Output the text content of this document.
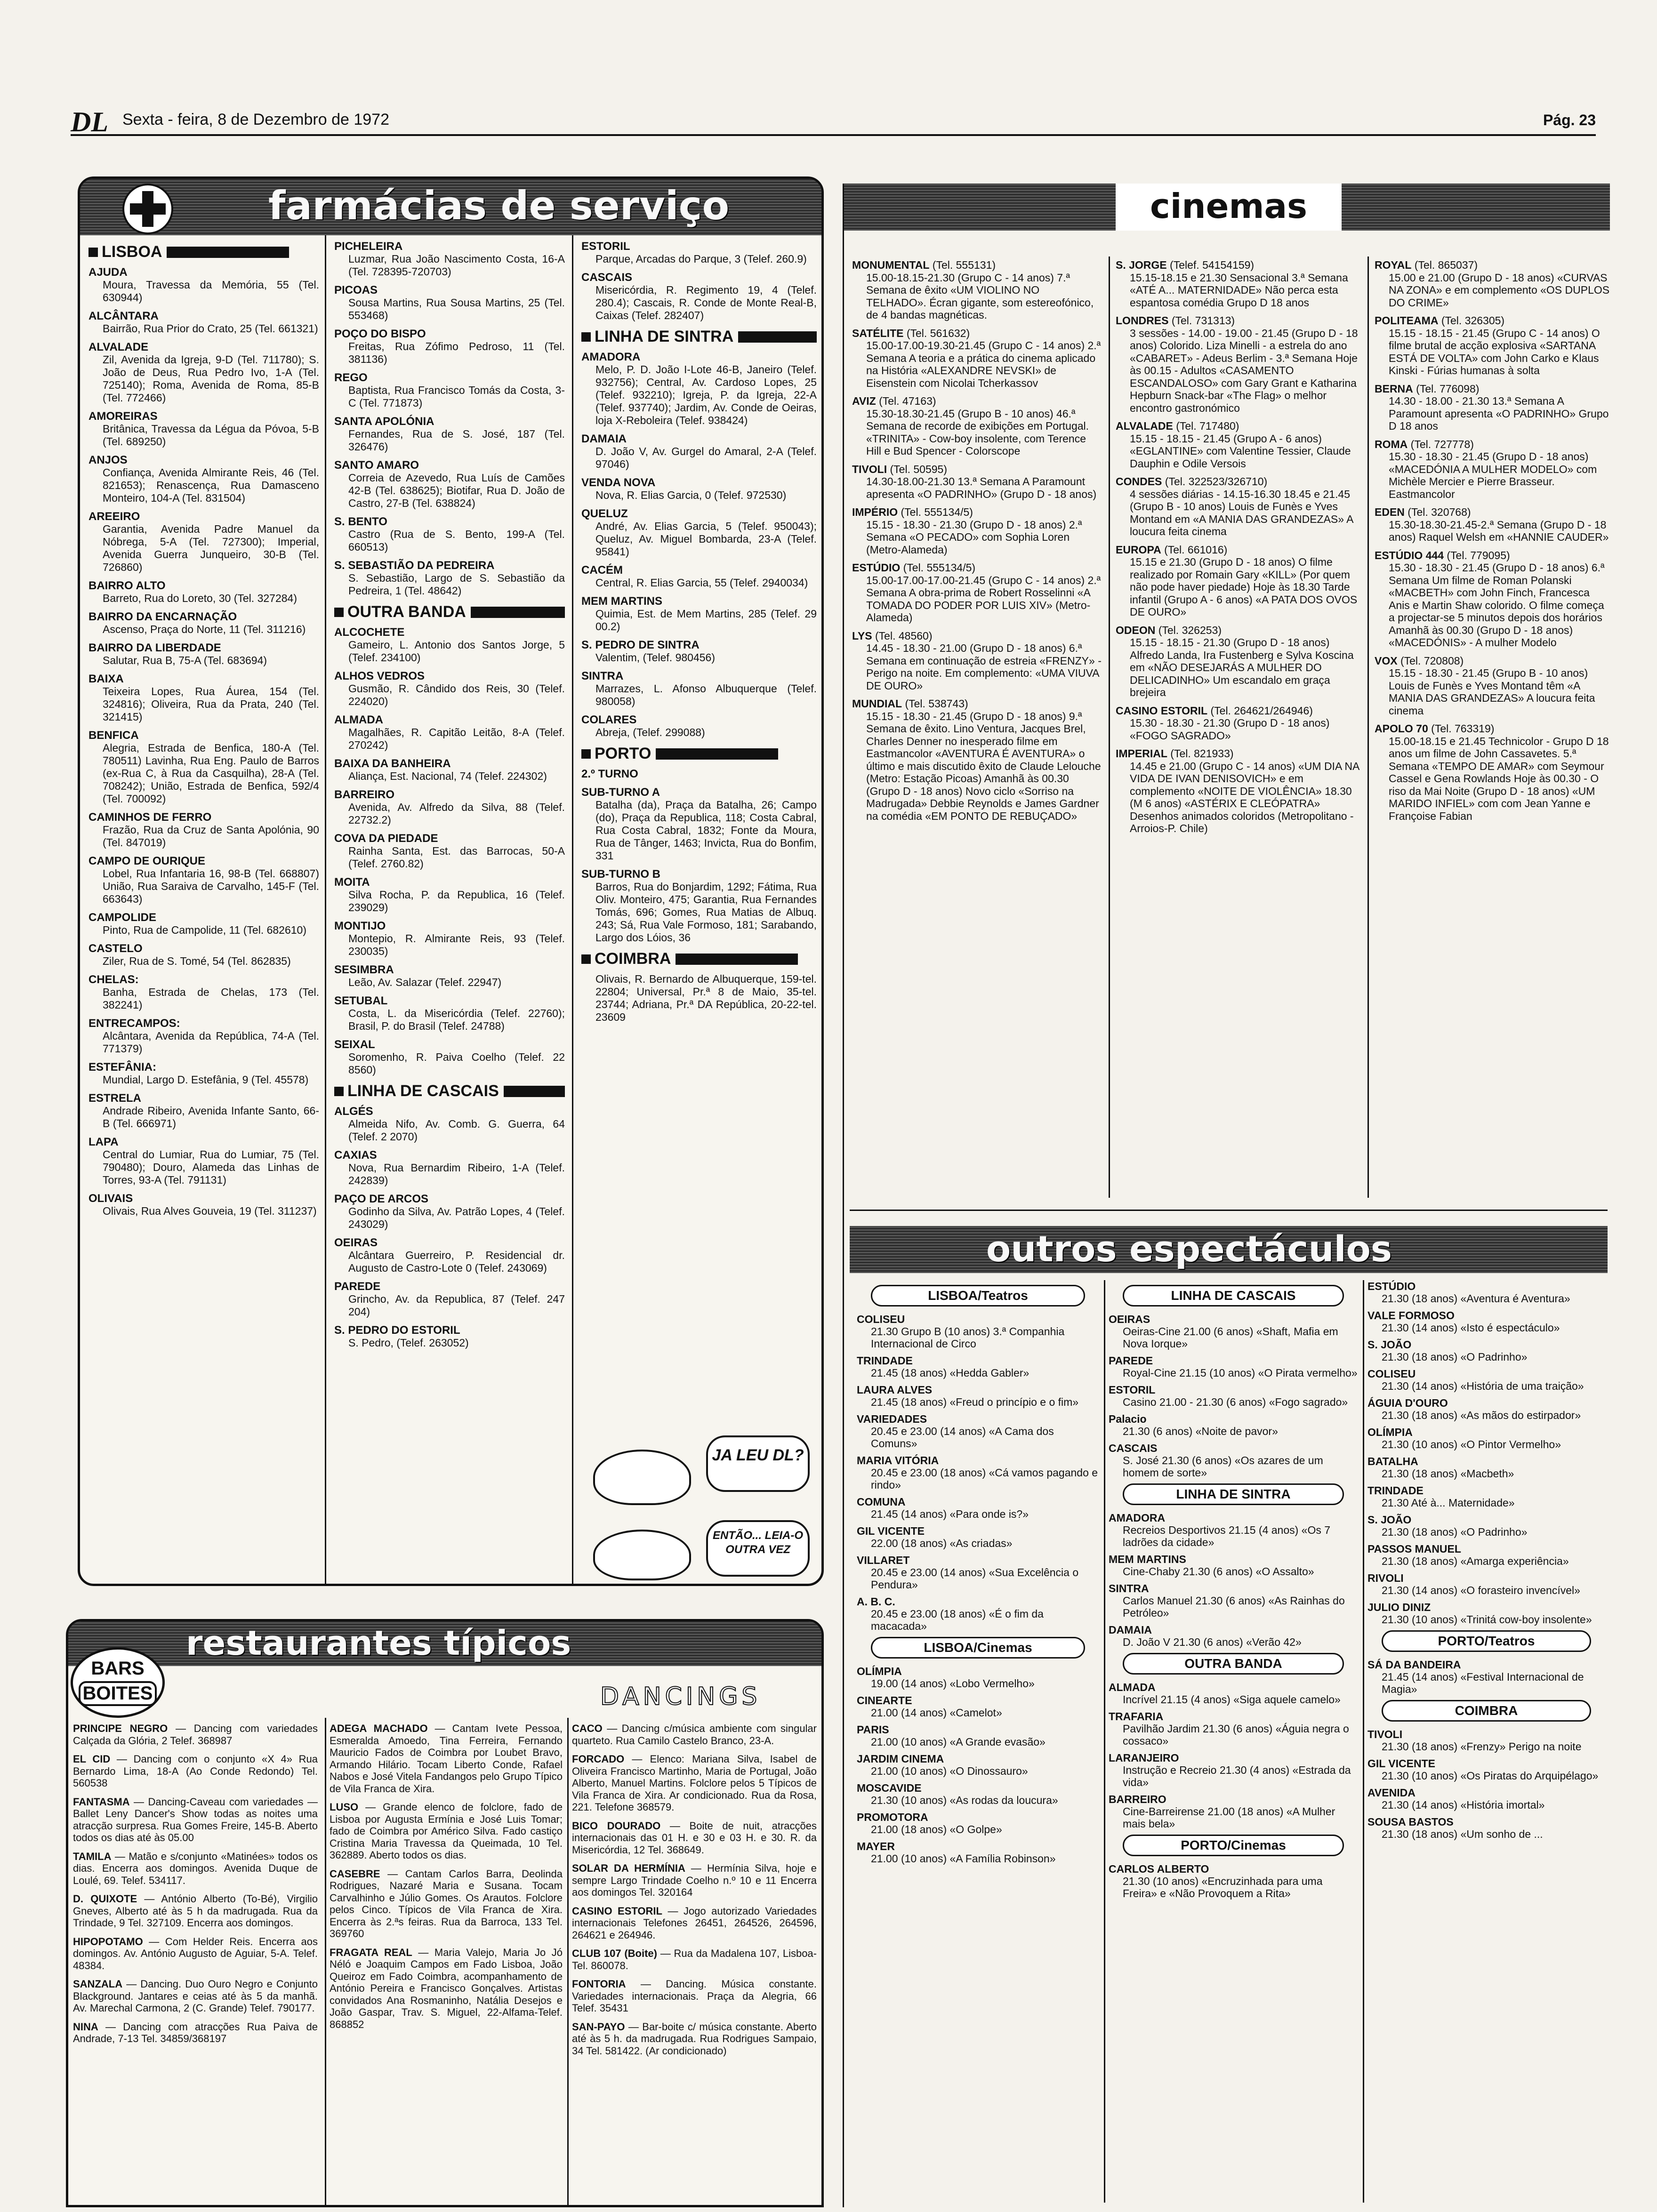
DL Sexta - feira, 8 de Dezembro de 1972	Pág. 23
farmácias de serviço
LISBOA
AJUDA
Moura, Travessa da Memória, 55 (Tel. 630944)
ALCÂNTARA
Bairrão, Rua Prior do Crato, 25 (Tel. 661321)
ALVALADE
Zil, Avenida da Igreja, 9-D (Tel. 711780); S. João de Deus, Rua Pedro Ivo, 1-A (Tel. 725140); Roma, Avenida de Roma, 85-B (Tel. 772466)
AMOREIRAS
Britânica, Travessa da Légua da Póvoa, 5-B (Tel. 689250)
ANJOS
Confiança, Avenida Almirante Reis, 46 (Tel. 821653); Renascença, Rua Damasceno Monteiro, 104-A (Tel. 831504)
AREEIRO
Garantia, Avenida Padre Manuel da Nóbrega, 5-A (Tel. 727300); Imperial, Avenida Guerra Junqueiro, 30-B (Tel. 726860)
BAIRRO ALTO
Barreto, Rua do Loreto, 30 (Tel. 327284)
BAIRRO DA ENCARNAÇÃO
Ascenso, Praça do Norte, 11 (Tel. 311216)
BAIRRO DA LIBERDADE
Salutar, Rua B, 75-A (Tel. 683694)
BAIXA
Teixeira Lopes, Rua Áurea, 154 (Tel. 324816); Oliveira, Rua da Prata, 240 (Tel. 321415)
BENFICA
Alegria, Estrada de Benfica, 180-A (Tel. 780511) Lavinha, Rua Eng. Paulo de Barros (ex-Rua C, à Rua da Casquilha), 28-A (Tel. 708242); União, Estrada de Benfica, 592/4 (Tel. 700092)
CAMINHOS DE FERRO
Frazão, Rua da Cruz de Santa Apolónia, 90 (Tel. 847019)
CAMPO DE OURIQUE
Lobel, Rua Infantaria 16, 98-B (Tel. 668807) União, Rua Saraiva de Carvalho, 145-F (Tel. 663643)
CAMPOLIDE
Pinto, Rua de Campolide, 11 (Tel. 682610)
CASTELO
Ziler, Rua de S. Tomé, 54 (Tel. 862835)
CHELAS:
Banha, Estrada de Chelas, 173 (Tel. 382241)
ENTRECAMPOS:
Alcântara, Avenida da República, 74-A (Tel. 771379)
ESTEFÂNIA:
Mundial, Largo D. Estefânia, 9 (Tel. 45578)
ESTRELA
Andrade Ribeiro, Avenida Infante Santo, 66-B (Tel. 666971)
LAPA
Central do Lumiar, Rua do Lumiar, 75 (Tel. 790480); Douro, Alameda das Linhas de Torres, 93-A (Tel. 791131)
OLIVAIS
Olivais, Rua Alves Gouveia, 19 (Tel. 311237)
PICHELEIRA
Luzmar, Rua João Nascimento Costa, 16-A (Tel. 728395-720703)
PICOAS
Sousa Martins, Rua Sousa Martins, 25 (Tel. 553468)
POÇO DO BISPO
Freitas, Rua Zófimo Pedroso, 11 (Tel. 381136)
REGO
Baptista, Rua Francisco Tomás da Costa, 3-C (Tel. 771873)
SANTA APOLÓNIA
Fernandes, Rua de S. José, 187 (Tel. 326476)
SANTO AMARO
Correia de Azevedo, Rua Luís de Camões 42-B (Tel. 638625); Biotifar, Rua D. João de Castro, 27-B (Tel. 638824)
S. BENTO
Castro (Rua de S. Bento, 199-A (Tel. 660513)
S. SEBASTIÃO DA PEDREIRA
S. Sebastião, Largo de S. Sebastião da Pedreira, 1 (Tel. 48642)
OUTRA BANDA
ALCOCHETE
Gameiro, L. Antonio dos Santos Jorge, 5 (Telef. 234100)
ALHOS VEDROS
Gusmão, R. Cândido dos Reis, 30 (Telef. 224020)
ALMADA
Magalhães, R. Capitão Leitão, 8-A (Telef. 270242)
BAIXA DA BANHEIRA
Aliança, Est. Nacional, 74 (Telef. 224302)
BARREIRO
Avenida, Av. Alfredo da Silva, 88 (Telef. 22732.2)
COVA DA PIEDADE
Rainha Santa, Est. das Barrocas, 50-A (Telef. 2760.82)
MOITA
Silva Rocha, P. da Republica, 16 (Telef. 239029)
MONTIJO
Montepio, R. Almirante Reis, 93 (Telef. 230035)
SESIMBRA
Leão, Av. Salazar (Telef. 22947)
SETUBAL
Costa, L. da Misericórdia (Telef. 22760); Brasil, P. do Brasil (Telef. 24788)
SEIXAL
Soromenho, R. Paiva Coelho (Telef. 22 8560)
LINHA DE CASCAIS
ALGÉS
Almeida Nifo, Av. Comb. G. Guerra, 64 (Telef. 2 2070)
CAXIAS
Nova, Rua Bernardim Ribeiro, 1-A (Telef. 242839)
PAÇO DE ARCOS
Godinho da Silva, Av. Patrão Lopes, 4 (Telef. 243029)
OEIRAS
Alcântara Guerreiro, P. Residencial dr. Augusto de Castro-Lote 0 (Telef. 243069)
PAREDE
Grincho, Av. da Republica, 87 (Telef. 247 204)
S. PEDRO DO ESTORIL
S. Pedro, (Telef. 263052)
ESTORIL
Parque, Arcadas do Parque, 3 (Telef. 260.9)
CASCAIS
Misericórdia, R. Regimento 19, 4 (Telef. 280.4); Cascais, R. Conde de Monte Real-B, Caixas (Telef. 282407)
LINHA DE SINTRA
AMADORA
Melo, P. D. João I-Lote 46-B, Janeiro (Telef. 932756); Central, Av. Cardoso Lopes, 25 (Telef. 932210); Igreja, P. da Igreja, 22-A (Telef. 937740); Jardim, Av. Conde de Oeiras, loja X-Reboleira (Telef. 938424)
DAMAIA
D. João V, Av. Gurgel do Amaral, 2-A (Telef. 97046)
VENDA NOVA
Nova, R. Elias Garcia, 0 (Telef. 972530)
QUELUZ
André, Av. Elias Garcia, 5 (Telef. 950043); Queluz, Av. Miguel Bombarda, 23-A (Telef. 95841)
CACÉM
Central, R. Elias Garcia, 55 (Telef. 2940034)
MEM MARTINS
Quimia, Est. de Mem Martins, 285 (Telef. 29 00.2)
S. PEDRO DE SINTRA
Valentim, (Telef. 980456)
SINTRA
Marrazes, L. Afonso Albuquerque (Telef. 980058)
COLARES
Abreja, (Telef. 299088)
PORTO
2.º TURNO
SUB-TURNO A
Batalha (da), Praça da Batalha, 26; Campo (do), Praça da Republica, 118; Costa Cabral, Rua Costa Cabral, 1832; Fonte da Moura, Rua de Tânger, 1463; Invicta, Rua do Bonfim, 331
SUB-TURNO B
Barros, Rua do Bonjardim, 1292; Fátima, Rua Oliv. Monteiro, 475; Garantia, Rua Fernandes Tomás, 696; Gomes, Rua Matias de Albuq. 243; Sá, Rua Vale Formoso, 181; Sarabando, Largo dos Lóios, 36
COIMBRA
Olivais, R. Bernardo de Albuquerque, 159-tel. 22804; Universal, Pr.ª 8 de Maio, 35-tel. 23744; Adriana, Pr.ª DA República, 20-22-tel. 23609
cinemas
MONUMENTAL (Tel. 555131)
15.00-18.15-21.30 (Grupo C - 14 anos) 7.ª Semana de êxito «UM VIOLINO NO TELHADO». Écran gigante, som estereofónico, de 4 bandas magnéticas.
SATÉLITE (Tel. 561632)
15.00-17.00-19.30-21.45 (Grupo C - 14 anos) 2.ª Semana A teoria e a prática do cinema aplicado na História «ALEXANDRE NEVSKI» de Eisenstein com Nicolai Tcherkassov
AVIZ (Tel. 47163)
15.30-18.30-21.45 (Grupo B - 10 anos) 46.ª Semana de recorde de exibições em Portugal. «TRINITA» - Cow-boy insolente, com Terence Hill e Bud Spencer - Colorscope
TIVOLI (Tel. 50595)
14.30-18.00-21.30 13.ª Semana A Paramount apresenta «O PADRINHO» (Grupo D - 18 anos)
IMPÉRIO (Tel. 555134/5)
15.15 - 18.30 - 21.30 (Grupo D - 18 anos) 2.ª Semana «O PECADO» com Sophia Loren (Metro-Alameda)
ESTÚDIO (Tel. 555134/5)
15.00-17.00-17.00-21.45 (Grupo C - 14 anos) 2.ª Semana A obra-prima de Robert Rosselinni «A TOMADA DO PODER POR LUIS XIV» (Metro-Alameda)
LYS (Tel. 48560)
14.45 - 18.30 - 21.00 (Grupo D - 18 anos) 6.ª Semana em continuação de estreia «FRENZY» - Perigo na noite. Em complemento: «UMA VIUVA DE OURO»
MUNDIAL (Tel. 538743)
15.15 - 18.30 - 21.45 (Grupo D - 18 anos) 9.ª Semana de êxito. Lino Ventura, Jacques Brel, Charles Denner no inesperado filme em Eastmancolor «AVENTURA É AVENTURA» o último e mais discutido êxito de Claude Lelouche (Metro: Estação Picoas) Amanhã às 00.30 (Grupo D - 18 anos) Novo ciclo «Sorriso na Madrugada» Debbie Reynolds e James Gardner na comédia «EM PONTO DE REBUÇADO»
S. JORGE (Telef. 54154159)
15.15-18.15 e 21.30 Sensacional 3.ª Semana «ATÉ A... MATERNIDADE» Não perca esta espantosa comédia Grupo D 18 anos
LONDRES (Tel. 731313)
3 sessões - 14.00 - 19.00 - 21.45 (Grupo D - 18 anos) Colorido. Liza Minelli - a estrela do ano «CABARET» - Adeus Berlim - 3.ª Semana Hoje às 00.15 - Adultos «CASAMENTO ESCANDALOSO» com Gary Grant e Katharina Hepburn Snack-bar «The Flag» o melhor encontro gastronómico
ALVALADE (Tel. 717480)
15.15 - 18.15 - 21.45 (Grupo A - 6 anos) «EGLANTINE» com Valentine Tessier, Claude Dauphin e Odile Versois
CONDES (Tel. 322523/326710)
4 sessões diárias - 14.15-16.30 18.45 e 21.45 (Grupo B - 10 anos) Louis de Funès e Yves Montand em «A MANIA DAS GRANDEZAS» A loucura feita cinema
EUROPA (Tel. 661016)
15.15 e 21.30 (Grupo D - 18 anos) O filme realizado por Romain Gary «KILL» (Por quem não pode haver piedade) Hoje às 18.30 Tarde infantil (Grupo A - 6 anos) «A PATA DOS OVOS DE OURO»
ODEON (Tel. 326253)
15.15 - 18.15 - 21.30 (Grupo D - 18 anos) Alfredo Landa, Ira Fustenberg e Sylva Koscina em «NÃO DESEJARÁS A MULHER DO DELICADINHO» Um escandalo em graça brejeira
CASINO ESTORIL (Tel. 264621/264946)
15.30 - 18.30 - 21.30 (Grupo D - 18 anos) «FOGO SAGRADO»
IMPERIAL (Tel. 821933)
14.45 e 21.00 (Grupo C - 14 anos) «UM DIA NA VIDA DE IVAN DENISOVICH» e em complemento «NOITE DE VIOLÊNCIA» 18.30 (M 6 anos) «ASTÉRIX E CLEÓPATRA» Desenhos animados coloridos (Metropolitano - Arroios-P. Chile)
ROYAL (Tel. 865037)
15.00 e 21.00 (Grupo D - 18 anos) «CURVAS NA ZONA» e em complemento «OS DUPLOS DO CRIME»
POLITEAMA (Tel. 326305)
15.15 - 18.15 - 21.45 (Grupo C - 14 anos) O filme brutal de acção explosiva «SARTANA ESTÁ DE VOLTA» com John Carko e Klaus Kinski - Fúrias humanas à solta
BERNA (Tel. 776098)
14.30 - 18.00 - 21.30 13.ª Semana A Paramount apresenta «O PADRINHO» Grupo D 18 anos
ROMA (Tel. 727778)
15.30 - 18.30 - 21.45 (Grupo D - 18 anos) «MACEDÓNIA A MULHER MODELO» com Michèle Mercier e Pierre Brasseur. Eastmancolor
EDEN (Tel. 320768)
15.30-18.30-21.45-2.ª Semana (Grupo D - 18 anos) Raquel Welsh em «HANNIE CAUDER»
ESTÚDIO 444 (Tel. 779095)
15.30 - 18.30 - 21.45 (Grupo D - 18 anos) 6.ª Semana Um filme de Roman Polanski «MACBETH» com John Finch, Francesca Anis e Martin Shaw colorido. O filme começa a projectar-se 5 minutos depois dos horários Amanhã às 00.30 (Grupo D - 18 anos) «MACEDÓNIS» - A mulher Modelo
VOX (Tel. 720808)
15.15 - 18.30 - 21.45 (Grupo B - 10 anos) Louis de Funès e Yves Montand têm «A MANIA DAS GRANDEZAS» A loucura feita cinema
APOLO 70 (Tel. 763319)
15.00-18.15 e 21.45 Technicolor - Grupo D 18 anos um filme de John Cassavetes. 5.ª Semana «TEMPO DE AMAR» com Seymour Cassel e Gena Rowlands Hoje às 00.30 - O riso da Mai Noite (Grupo D - 18 anos) «UM MARIDO INFIEL» com com Jean Yanne e Françoise Fabian
outros espectáculos
LISBOA/Teatros
COLISEU
21.30 Grupo B (10 anos) 3.ª Companhia Internacional de Circo
TRINDADE
21.45 (18 anos) «Hedda Gabler»
LAURA ALVES
21.45 (18 anos) «Freud o princípio e o fim»
VARIEDADES
20.45 e 23.00 (14 anos) «A Cama dos Comuns»
MARIA VITÓRIA
20.45 e 23.00 (18 anos) «Cá vamos pagando e rindo»
COMUNA
21.45 (14 anos) «Para onde is?»
GIL VICENTE
22.00 (18 anos) «As criadas»
VILLARET
20.45 e 23.00 (14 anos) «Sua Excelência o Pendura»
A. B. C.
20.45 e 23.00 (18 anos) «É o fim da macacada»
LISBOA/Cinemas
OLÍMPIA
19.00 (14 anos) «Lobo Vermelho»
CINEARTE
21.00 (14 anos) «Camelot»
PARIS
21.00 (10 anos) «A Grande evasão»
JARDIM CINEMA
21.00 (10 anos) «O Dinossauro»
MOSCAVIDE
21.30 (10 anos) «As rodas da loucura»
PROMOTORA
21.00 (18 anos) «O Golpe»
MAYER
21.00 (10 anos) «A Família Robinson»
LINHA DE CASCAIS
OEIRAS
Oeiras-Cine 21.00 (6 anos) «Shaft, Mafia em Nova Iorque»
PAREDE
Royal-Cine 21.15 (10 anos) «O Pirata vermelho»
ESTORIL
Casino 21.00 - 21.30 (6 anos) «Fogo sagrado»
Palacio
21.30 (6 anos) «Noite de pavor»
CASCAIS
S. José 21.30 (6 anos) «Os azares de um homem de sorte»
LINHA DE SINTRA
AMADORA
Recreios Desportivos 21.15 (4 anos) «Os 7 ladrões da cidade»
MEM MARTINS
Cine-Chaby 21.30 (6 anos) «O Assalto»
SINTRA
Carlos Manuel 21.30 (6 anos) «As Rainhas do Petróleo»
DAMAIA
D. João V 21.30 (6 anos) «Verão 42»
OUTRA BANDA
ALMADA
Incrível 21.15 (4 anos) «Siga aquele camelo»
TRAFARIA
Pavilhão Jardim 21.30 (6 anos) «Águia negra o cossaco»
LARANJEIRO
Instrução e Recreio 21.30 (4 anos) «Estrada da vida»
BARREIRO
Cine-Barreirense 21.00 (18 anos) «A Mulher mais bela»
PORTO/Cinemas
CARLOS ALBERTO
21.30 (10 anos) «Encruzinhada para uma Freira» e «Não Provoquem a Rita»
ESTÚDIO
21.30 (18 anos) «Aventura é Aventura»
VALE FORMOSO
21.30 (14 anos) «Isto é espectáculo»
S. JOÃO
21.30 (18 anos) «O Padrinho»
COLISEU
21.30 (14 anos) «História de uma traição»
ÁGUIA D'OURO
21.30 (18 anos) «As mãos do estirpador»
OLÍMPIA
21.30 (10 anos) «O Pintor Vermelho»
BATALHA
21.30 (18 anos) «Macbeth»
TRINDADE
21.30 Até à... Maternidade»
S. JOÃO
21.30 (18 anos) «O Padrinho»
PASSOS MANUEL
21.30 (18 anos) «Amarga experiência»
RIVOLI
21.30 (14 anos) «O forasteiro invencível»
JULIO DINIZ
21.30 (10 anos) «Trinitá cow-boy insolente»
PORTO/Teatros
SÁ DA BANDEIRA
21.45 (14 anos) «Festival Internacional de Magia»
COIMBRA
TIVOLI
21.30 (18 anos) «Frenzy» Perigo na noite
GIL VICENTE
21.30 (10 anos) «Os Piratas do Arquipélago»
AVENIDA
21.30 (14 anos) «História imortal»
SOUSA BASTOS
21.30 (18 anos) «Um sonho de ...
restaurantes típicos
DANCINGS
PRINCIPE NEGRO — Dancing com variedades Calçada da Glória, 2 Telef. 368987
EL CID — Dancing com o conjunto «X 4» Rua Bernardo Lima, 18-A (Ao Conde Redondo) Tel. 560538
FANTASMA — Dancing-Caveau com variedades — Ballet Leny Dancer's Show todas as noites uma atracção surpresa. Rua Gomes Freire, 145-B. Aberto todos os dias até às 05.00
TAMILA — Matão e s/conjunto «Matinées» todos os dias. Encerra aos domingos. Avenida Duque de Loulé, 69. Telef. 534117.
D. QUIXOTE — António Alberto (To-Bé), Virgilio Gneves, Alberto até às 5 h da madrugada. Rua da Trindade, 9 Tel. 327109. Encerra aos domingos.
HIPOPOTAMO — Com Helder Reis. Encerra aos domingos. Av. António Augusto de Aguiar, 5-A. Telef. 48384.
SANZALA — Dancing. Duo Ouro Negro e Conjunto Blackground. Jantares e ceias até às 5 da manhã. Av. Marechal Carmona, 2 (C. Grande) Telef. 790177.
NINA — Dancing com atracções Rua Paiva de Andrade, 7-13 Tel. 34859/368197
ADEGA MACHADO — Cantam Ivete Pessoa, Esmeralda Amoedo, Tina Ferreira, Fernando Mauricio Fados de Coimbra por Loubet Bravo, Armando Hilário. Tocam Liberto Conde, Rafael Nabos e José Vitela Fandangos pelo Grupo Típico de Vila Franca de Xira.
LUSO — Grande elenco de folclore, fado de Lisboa por Augusta Ermínia e José Luis Tomar; fado de Coimbra por Américo Silva. Fado castiço Cristina Maria Travessa da Queimada, 10 Tel. 362889. Aberto todos os dias.
CASEBRE — Cantam Carlos Barra, Deolinda Rodrigues, Nazaré Maria e Susana. Tocam Carvalhinho e Júlio Gomes. Os Arautos. Folclore pelos Cinco. Típicos de Vila Franca de Xira. Encerra às 2.ªs feiras. Rua da Barroca, 133 Tel. 369760
FRAGATA REAL — Maria Valejo, Maria Jo Jó Néló e Joaquim Campos em Fado Lisboa, João Queiroz em Fado Coimbra, acompanhamento de António Pereira e Francisco Gonçalves. Artistas convidados Ana Rosmaninho, Natália Desejos e João Gaspar, Trav. S. Miguel, 22-Alfama-Telef. 868852
CACO — Dancing c/música ambiente com singular quarteto. Rua Camilo Castelo Branco, 23-A.
FORCADO — Elenco: Mariana Silva, Isabel de Oliveira Francisco Martinho, Maria de Portugal, João Alberto, Manuel Martins. Folclore pelos 5 Típicos de Vila Franca de Xira. Ar condicionado. Rua da Rosa, 221. Telefone 368579.
BICO DOURADO — Boite de nuit, atracções internacionais das 01 H. e 30 e 03 H. e 30. R. da Misericórdia, 12 Tel. 368649.
SOLAR DA HERMÍNIA — Hermínia Silva, hoje e sempre Largo Trindade Coelho n.º 10 e 11 Encerra aos domingos Tel. 320164
CASINO ESTORIL — Jogo autorizado Variedades internacionais Telefones 26451, 264526, 264596, 264621 e 264946.
CLUB 107 (Boite) — Rua da Madalena 107, Lisboa-Tel. 860078.
FONTORIA — Dancing. Música constante. Variedades internacionais. Praça da Alegria, 66 Telef. 35431
SAN-PAYO — Bar-boite c/ música constante. Aberto até às 5 h. da madrugada. Rua Rodrigues Sampaio, 34 Tel. 581422. (Ar condicionado)
BARS
BOITES
JA LEU DL?
ENTÃO... LEIA-O OUTRA VEZ
